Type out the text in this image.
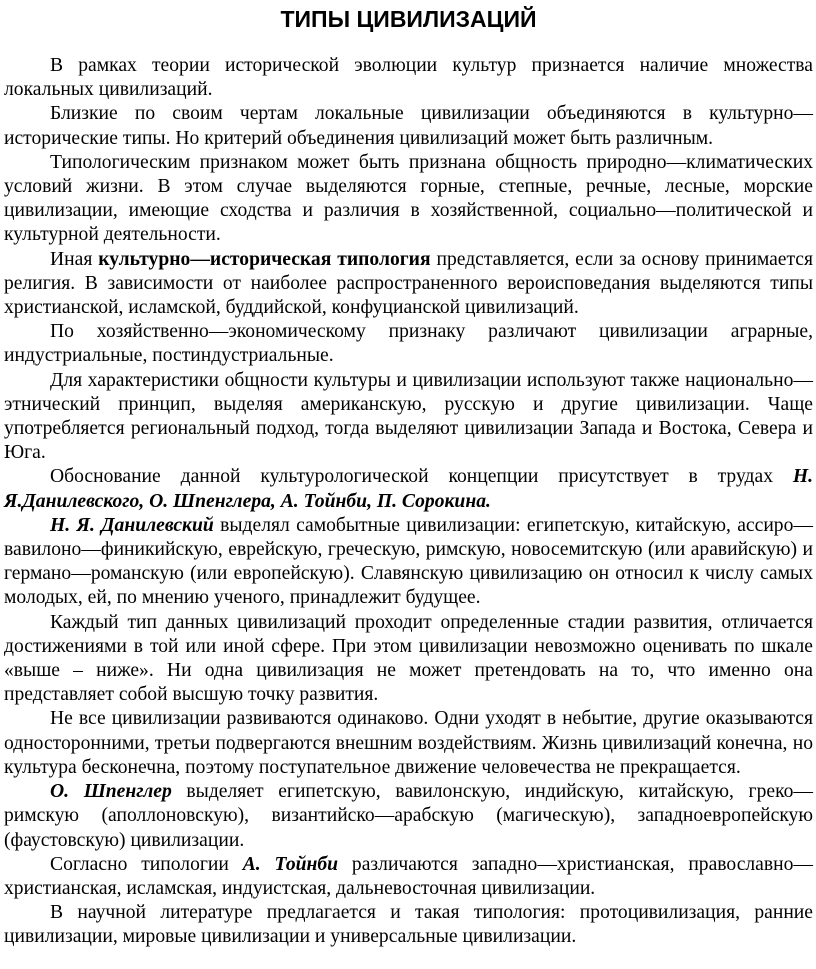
ТИПЫ ЦИВИЛИЗАЦИЙ

В рамках теории исторической эволюции культур признается наличие множества локальных цивилизаций.

Близкие по своим чертам локальные цивилизации объединяются в культурно—исторические типы. Но критерий объединения цивилизаций может быть различным.

Типологическим признаком может быть признана общность природно—климатических условий жизни. В этом случае выделяются горные, степные, речные, лесные, морские цивилизации, имеющие сходства и различия в хозяйственной, социально—политической и культурной деятельности.

Иная культурно—историческая типология представляется, если за основу принимается религия. В зависимости от наиболее распространенного вероисповедания выделяются типы христианской, исламской, буддийской, конфуцианской цивилизаций.

По хозяйственно—экономическому признаку различают цивилизации аграрные, индустриальные, постиндустриальные.

Для характеристики общности культуры и цивилизации используют также национально—этнический принцип, выделяя американскую, русскую и другие цивилизации. Чаще употребляется региональный подход, тогда выделяют цивилизации Запада и Востока, Севера и Юга.

Обоснование данной культурологической концепции присутствует в трудах Н. Я.Данилевского, О. Шпенглера, А. Тойнби, П. Сорокина.

Н. Я. Данилевский выделял самобытные цивилизации: египетскую, китайскую, ассиро—вавилоно—финикийскую, еврейскую, греческую, римскую, новосемитскую (или аравийскую) и германо—романскую (или европейскую). Славянскую цивилизацию он относил к числу самых молодых, ей, по мнению ученого, принадлежит будущее.

Каждый тип данных цивилизаций проходит определенные стадии развития, отличается достижениями в той или иной сфере. При этом цивилизации невозможно оценивать по шкале «выше – ниже». Ни одна цивилизация не может претендовать на то, что именно она представляет собой высшую точку развития.

Не все цивилизации развиваются одинаково. Одни уходят в небытие, другие оказываются односторонними, третьи подвергаются внешним воздействиям. Жизнь цивилизаций конечна, но культура бесконечна, поэтому поступательное движение человечества не прекращается.

О. Шпенглер выделяет египетскую, вавилонскую, индийскую, китайскую, греко—римскую (аполлоновскую), византийско—арабскую (магическую), западноевропейскую (фаустовскую) цивилизации.

Согласно типологии А. Тойнби различаются западно—христианская, православно—христианская, исламская, индуистская, дальневосточная цивилизации.

В научной литературе предлагается и такая типология: протоцивилизация, ранние цивилизации, мировые цивилизации и универсальные цивилизации.
